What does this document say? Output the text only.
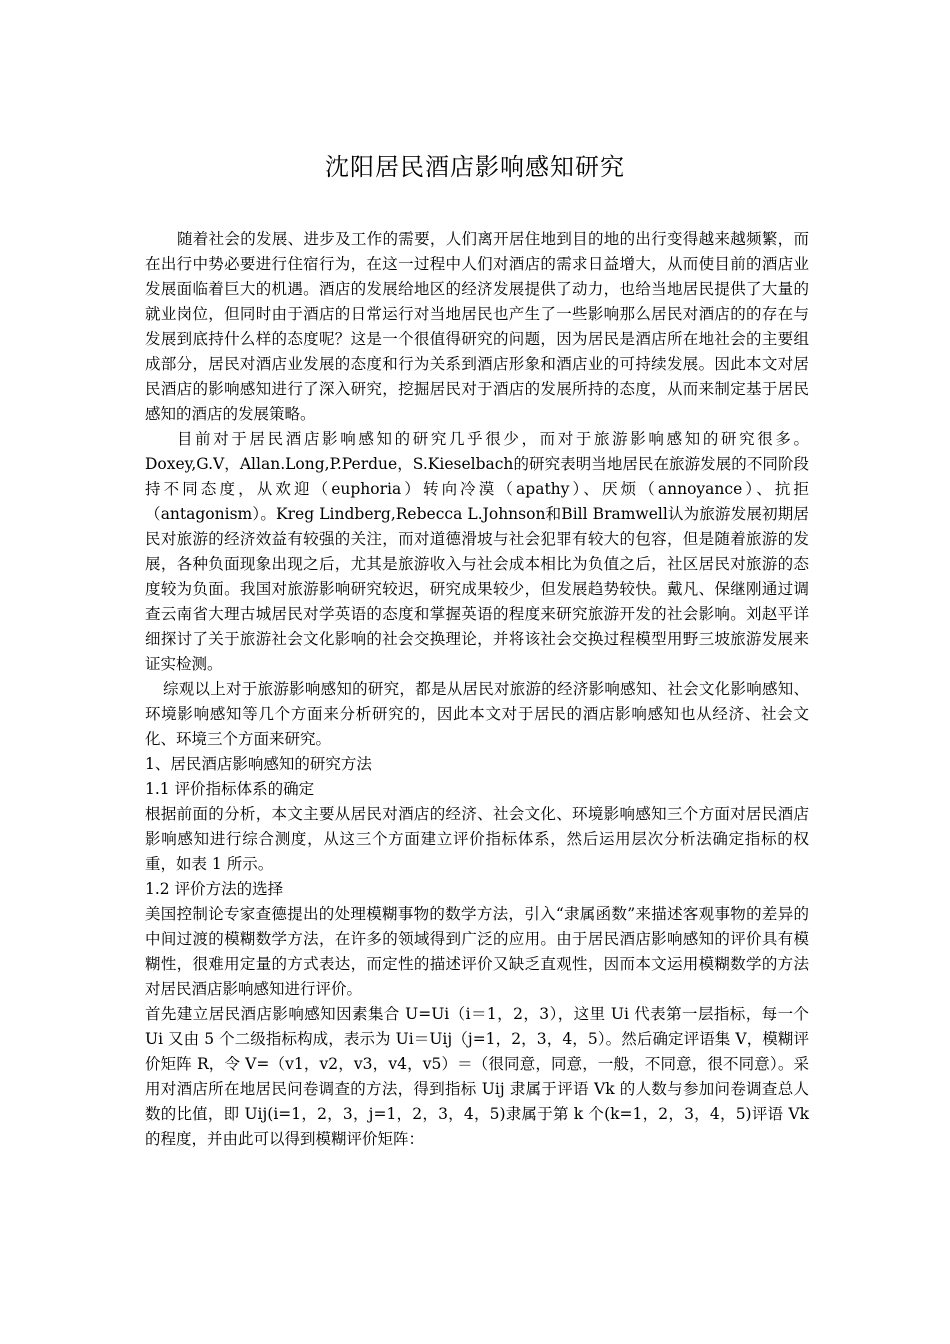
沈阳居民酒店影响感知研究

随着社会的发展、进步及工作的需要，人们离开居住地到目的地的出行变得越来越频繁，而在出行中势必要进行住宿行为，在这一过程中人们对酒店的需求日益增大，从而使目前的酒店业发展面临着巨大的机遇。酒店的发展给地区的经济发展提供了动力，也给当地居民提供了大量的就业岗位，但同时由于酒店的日常运行对当地居民也产生了一些影响那么居民对酒店的的存在与发展到底持什么样的态度呢？这是一个很值得研究的问题，因为居民是酒店所在地社会的主要组成部分，居民对酒店业发展的态度和行为关系到酒店形象和酒店业的可持续发展。因此本文对居民酒店的影响感知进行了深入研究，挖掘居民对于酒店的发展所持的态度，从而来制定基于居民感知的酒店的发展策略。

目前对于居民酒店影响感知的研究几乎很少，而对于旅游影响感知的研究很多。Doxey,G.V，Allan.Long,P.Perdue，S.Kieselbach的研究表明当地居民在旅游发展的不同阶段持不同态度，从欢迎（euphoria）转向冷漠（apathy）、厌烦（annoyance）、抗拒（antagonism）。Kreg Lindberg,Rebecca L.Johnson和Bill Bramwell认为旅游发展初期居民对旅游的经济效益有较强的关注，而对道德滑坡与社会犯罪有较大的包容，但是随着旅游的发展，各种负面现象出现之后，尤其是旅游收入与社会成本相比为负值之后，社区居民对旅游的态度较为负面。我国对旅游影响研究较迟，研究成果较少，但发展趋势较快。戴凡、保继刚通过调查云南省大理古城居民对学英语的态度和掌握英语的程度来研究旅游开发的社会影响。刘赵平详细探讨了关于旅游社会文化影响的社会交换理论，并将该社会交换过程模型用野三坡旅游发展来证实检测。

综观以上对于旅游影响感知的研究，都是从居民对旅游的经济影响感知、社会文化影响感知、环境影响感知等几个方面来分析研究的，因此本文对于居民的酒店影响感知也从经济、社会文化、环境三个方面来研究。

1、居民酒店影响感知的研究方法

1.1 评价指标体系的确定

根据前面的分析，本文主要从居民对酒店的经济、社会文化、环境影响感知三个方面对居民酒店影响感知进行综合测度，从这三个方面建立评价指标体系，然后运用层次分析法确定指标的权重，如表 1 所示。

1.2 评价方法的选择

美国控制论专家查德提出的处理模糊事物的数学方法，引入“隶属函数”来描述客观事物的差异的中间过渡的模糊数学方法，在许多的领域得到广泛的应用。由于居民酒店影响感知的评价具有模糊性，很难用定量的方式表达，而定性的描述评价又缺乏直观性，因而本文运用模糊数学的方法对居民酒店影响感知进行评价。

首先建立居民酒店影响感知因素集合 U=Ui（i＝1，2，3），这里 Ui 代表第一层指标，每一个 Ui 又由 5 个二级指标构成，表示为 Ui＝Uij（j=1，2，3，4，5）。然后确定评语集 V，模糊评价矩阵 R，令 V=（v1，v2，v3，v4，v5）＝（很同意，同意，一般，不同意，很不同意）。采用对酒店所在地居民问卷调查的方法，得到指标 Uij 隶属于评语 Vk 的人数与参加问卷调查总人数的比值，即 Uij(i=1，2，3，j=1，2，3，4，5)隶属于第 k 个(k=1，2，3，4，5)评语 Vk 的程度，并由此可以得到模糊评价矩阵：
